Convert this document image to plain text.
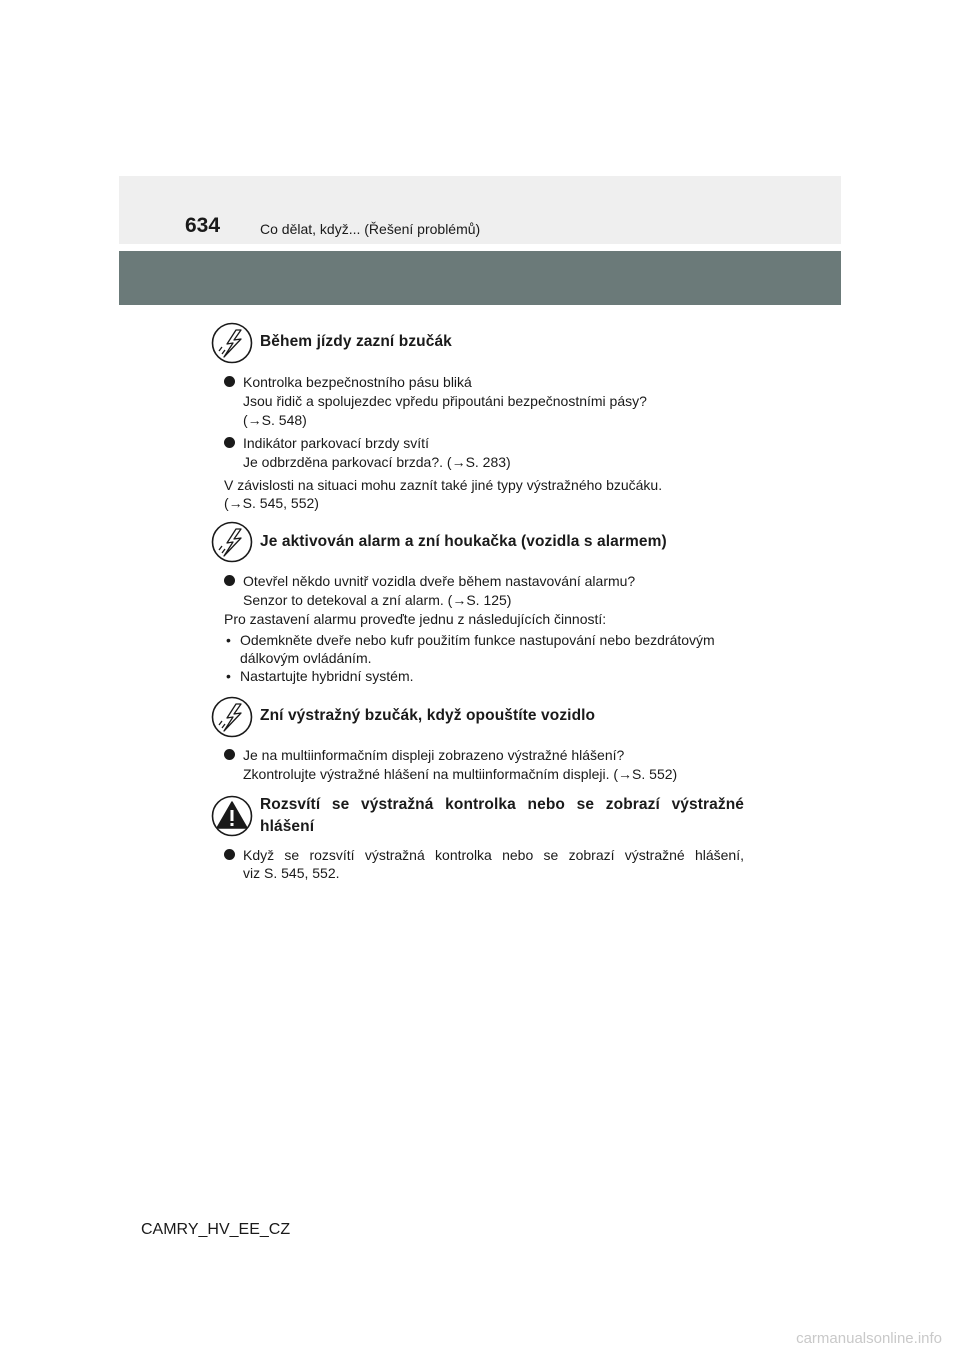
634	Co dělat, když... (Řešení problémů)
Během jízdy zazní bzučák
Kontrolka bezpečnostního pásu bliká
Jsou řidič a spolujezdec vpředu připoutáni bezpečnostními pásy?
(→S. 548)
Indikátor parkovací brzdy svítí
Je odbrzděna parkovací brzda?. (→S. 283)
V závislosti na situaci mohu zaznít také jiné typy výstražného bzučáku.
(→S. 545, 552)
Je aktivován alarm a zní houkačka (vozidla s alarmem)
Otevřel někdo uvnitř vozidla dveře během nastavování alarmu?
Senzor to detekoval a zní alarm. (→S. 125)
Pro zastavení alarmu proveďte jednu z následujících činností:
• Odemkněte dveře nebo kufr použitím funkce nastupování nebo bezdrátovým
dálkovým ovládáním.
• Nastartujte hybridní systém.
Zní výstražný bzučák, když opouštíte vozidlo
Je na multiinformačním displeji zobrazeno výstražné hlášení?
Zkontrolujte výstražné hlášení na multiinformačním displeji. (→S. 552)
Rozsvítí se výstražná kontrolka nebo se zobrazí výstražné
hlášení
Když se rozsvítí výstražná kontrolka nebo se zobrazí výstražné hlášení,
viz S. 545, 552.
CAMRY_HV_EE_CZ
carmanualsonline.info
